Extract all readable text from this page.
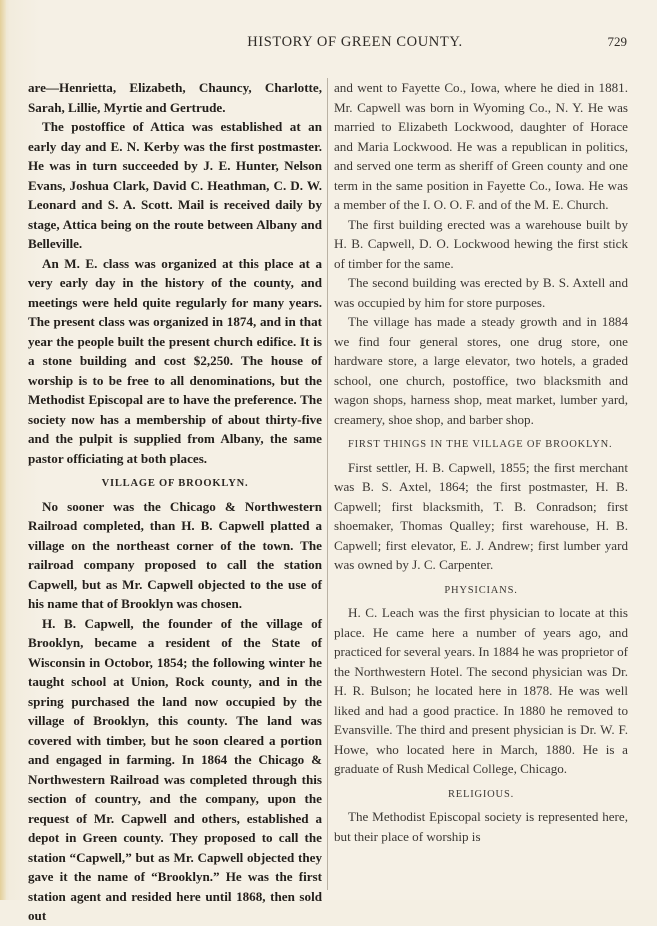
HISTORY OF GREEN COUNTY.	729

are—Henrietta, Elizabeth, Chauncy, Charlotte, Sarah, Lillie, Myrtie and Gertrude.

The postoffice of Attica was established at an early day and E. N. Kerby was the first postmaster. He was in turn succeeded by J. E. Hunter, Nelson Evans, Joshua Clark, David C. Heathman, C. D. W. Leonard and S. A. Scott. Mail is received daily by stage, Attica being on the route between Albany and Belleville.

An M. E. class was organized at this place at a very early day in the history of the county, and meetings were held quite regularly for many years. The present class was organized in 1874, and in that year the people built the present church edifice. It is a stone building and cost $2,250. The house of worship is to be free to all denominations, but the Methodist Episcopal are to have the preference. The society now has a membership of about thirty-five and the pulpit is supplied from Albany, the same pastor officiating at both places.

VILLAGE OF BROOKLYN.

No sooner was the Chicago & Northwestern Railroad completed, than H. B. Capwell platted a village on the northeast corner of the town. The railroad company proposed to call the station Capwell, but as Mr. Capwell objected to the use of his name that of Brooklyn was chosen.

H. B. Capwell, the founder of the village of Brooklyn, became a resident of the State of Wisconsin in Octobor, 1854; the following winter he taught school at Union, Rock county, and in the spring purchased the land now occupied by the village of Brooklyn, this county. The land was covered with timber, but he soon cleared a portion and engaged in farming. In 1864 the Chicago & Northwestern Railroad was completed through this section of country, and the company, upon the request of Mr. Capwell and others, established a depot in Green county. They proposed to call the station “Capwell,” but as Mr. Capwell objected they gave it the name of “Brooklyn.” He was the first station agent and resided here until 1868, then sold out

and went to Fayette Co., Iowa, where he died in 1881. Mr. Capwell was born in Wyoming Co., N. Y. He was married to Elizabeth Lockwood, daughter of Horace and Maria Lockwood. He was a republican in politics, and served one term as sheriff of Green county and one term in the same position in Fayette Co., Iowa. He was a member of the I. O. O. F. and of the M. E. Church.

The first building erected was a warehouse built by H. B. Capwell, D. O. Lockwood hewing the first stick of timber for the same.

The second building was erected by B. S. Axtell and was occupied by him for store purposes.

The village has made a steady growth and in 1884 we find four general stores, one drug store, one hardware store, a large elevator, two hotels, a graded school, one church, postoffice, two blacksmith and wagon shops, harness shop, meat market, lumber yard, creamery, shoe shop, and barber shop.

FIRST THINGS IN THE VILLAGE OF BROOKLYN.

First settler, H. B. Capwell, 1855; the first merchant was B. S. Axtel, 1864; the first postmaster, H. B. Capwell; first blacksmith, T. B. Conradson; first shoemaker, Thomas Qualley; first warehouse, H. B. Capwell; first elevator, E. J. Andrew; first lumber yard was owned by J. C. Carpenter.

PHYSICIANS.

H. C. Leach was the first physician to locate at this place. He came here a number of years ago, and practiced for several years. In 1884 he was proprietor of the Northwestern Hotel. The second physician was Dr. H. R. Bulson; he located here in 1878. He was well liked and had a good practice. In 1880 he removed to Evansville. The third and present physician is Dr. W. F. Howe, who located here in March, 1880. He is a graduate of Rush Medical College, Chicago.

RELIGIOUS.

The Methodist Episcopal society is represented here, but their place of worship is
